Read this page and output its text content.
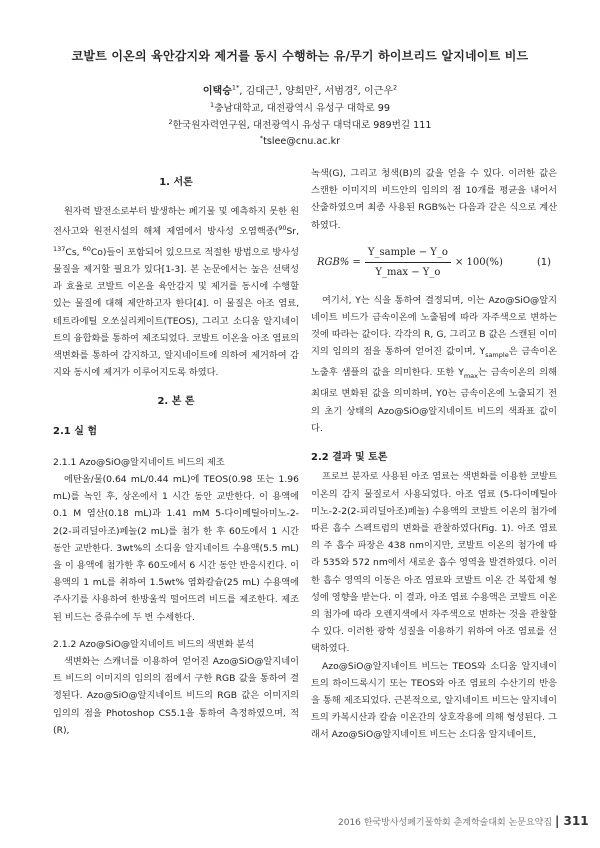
코발트 이온의 육안감지와 제거를 동시 수행하는 유/무기 하이브리드 알지네이트 비드
이택승$^{1*}$, 김대근$^1$, 양희만$^2$, 서범경$^2$, 이근우$^2$
$^1$충남대학교, 대전광역시 유성구 대학로 99
$^2$한국원자력연구원, 대전광역시 유성구 대덕대로 989번길 111
*tslee@cnu.ac.kr
1. 서론

원자력 발전소로부터 발생하는 폐기물 및 예측하지 못한 원전사고와 원전시설의 해체 제염에서 방사성 오염핵종($^{90}$Sr, $^{137}$Cs, $^{60}$Co)들이 포함되어 있으므로 적절한 방법으로 방사성 물질을 제거할 필요가 있다[1-3]. 본 논문에서는 높은 선택성과 효율로 코발트 이온을 육안감지 및 제거를 동시에 수행할 있는 물질에 대해 제안하고자 한다[4]. 이 물질은 아조 염료, 테트라에틸 오쏘실리케이트(TEOS), 그리고 소디움 알지네이트의 융합화를 통하여 제조되었다. 코발트 이온을 아조 염료의 색변화를 통하여 감지하고, 알지네이트에 의하여 제거하여 감지와 동시에 제거가 이루어지도록 하였다.

2. 본 론
2.1 실 험
2.1.1 Azo@SiO@알지네이트 비드의 제조

에탄올/물(0.64 mL/0.44 mL)에 TEOS(0.98 또는 1.96 mL)를 녹인 후, 상온에서 1 시간 동안 교반한다. 이 용액에 0.1 M 염산(0.18 mL)과 1.41 mM 5-다이메틸아미노-2-2(2-피리딜아조)페놀(2 mL)를 첨가 한 후 60도에서 1 시간 동안 교반한다. 3wt%의 소디움 알지네이트 수용액(5.5 mL)을 이 용액에 첨가한 후 60도에서 6 시간 동안 반응시킨다. 이 용액의 1 mL를 취하여 1.5wt% 염화칼슘(25 mL) 수용액에 주사기를 사용하여 한방울씩 떨어뜨려 비드를 제조한다. 제조된 비드는 증류수에 두 번 수세한다.

2.1.2 Azo@SiO@알지네이트 비드의 색변화 분석

색변화는 스캐너를 이용하여 얻어진 Azo@SiO@알지네이트 비드의 이미지의 임의의 점에서 구한 RGB 값을 통하여 결정된다. Azo@SiO@알지네이트 비드의 RGB 값은 이미지의 임의의 점을 Photoshop CS5.1을 통하여 측정하였으며, 적(R),

녹색(G), 그리고 청색(B)의 값을 얻을 수 있다. 이러한 값은 스캔한 이미지의 비드안의 임의의 점 10개를 평균을 내어서 산출하였으며 최종 사용된 RGB%는 다음과 같은 식으로 계산하였다.

$RGB\% = \frac{\text{Y\_sample − Y\_o}}{Y\_\max - Y\_o} \times 100(\%)$	(1)

여기서, Y는 식을 통하여 결정되며, 이는 Azo@SiO@알지네이트 비드가 금속이온에 노출됨에 따라 자주색으로 변하는 것에 따라는 값이다. 각각의 R, G, 그리고 B 값은 스캔된 이미지의 임의의 점을 통하여 얻어진 값이며, $Y_{sample}$은 금속이온 노출후 샘플의 값을 의미한다. 또한 $Y_{max}$는 금속이온의 의해 최대로 변화된 값을 의미하며, Y0는 금속이온에 노출되기 전의 초기 상태의 Azo@SiO@알지네이트 비드의 색좌표 값이다.

2.2 결과 및 토론

프로브 분자로 사용된 아조 염료는 색변화를 이용한 코발트 이온의 감지 물질로서 사용되었다. 아조 염료 (5-다이메틸아미노-2-2(2-피리딜아조)페놀) 수용액의 코발트 이온의 첨가에 따른 흡수 스펙트럼의 변화를 관찰하였다(Fig. 1). 아조 염료의 주 흡수 파장은 438 nm이지만, 코발트 이온의 첨가에 따라 535와 572 nm에서 새로운 흡수 영역을 발견하였다. 이러한 흡수 영역의 이동은 아조 염료와 코발트 이온 간 복합체 형성에 영향을 받는다. 이 결과, 아조 염료 수용액은 코발트 이온의 첨가에 따라 오렌지색에서 자주색으로 변하는 것을 관찰할 수 있다. 이러한 광학 성질을 이용하기 위하여 아조 염료를 선택하였다.

Azo@SiO@알지네이트 비드는 TEOS와 소디움 알지네이트의 하이드록시기 또는 TEOS와 아조 염료의 수산기의 반응을 통해 제조되었다. 근본적으로, 알지네이트 비드는 알지네이트의 카복시산과 칼슘 이온간의 상호작용에 의해 형성된다. 그래서 Azo@SiO@알지네이트 비드는 소디움 알지네이트,

2016 한국방사성폐기물학회 춘계학술대회 논문요약집 | 311
